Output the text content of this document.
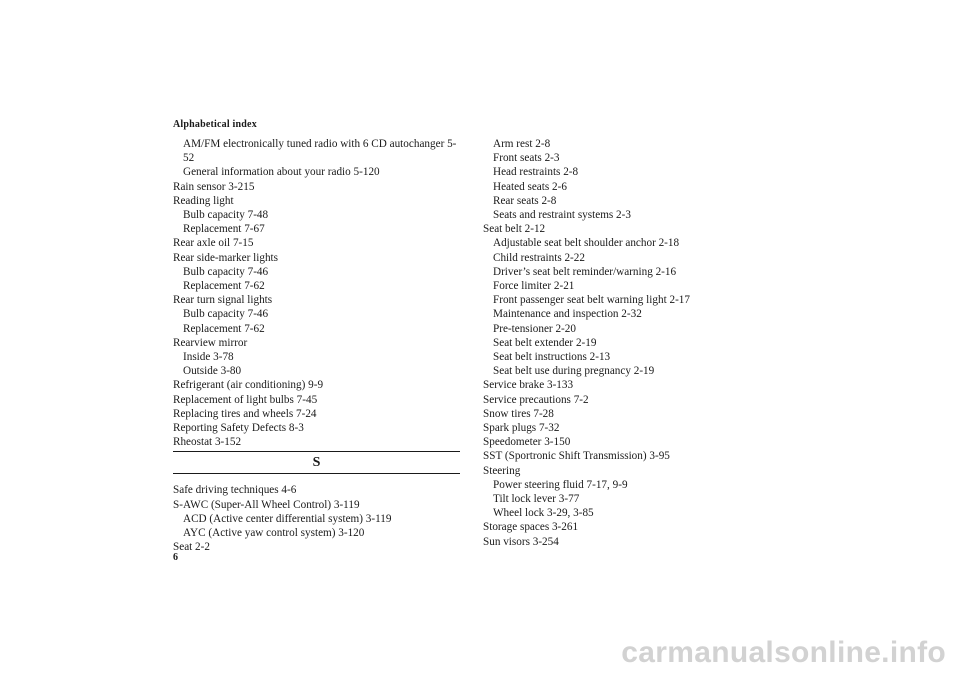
Alphabetical index
AM/FM electronically tuned radio with 6 CD autochanger 5-52
General information about your radio 5-120
Rain sensor 3-215
Reading light
Bulb capacity 7-48
Replacement 7-67
Rear axle oil 7-15
Rear side-marker lights
Bulb capacity 7-46
Replacement 7-62
Rear turn signal lights
Bulb capacity 7-46
Replacement 7-62
Rearview mirror
Inside 3-78
Outside 3-80
Refrigerant (air conditioning) 9-9
Replacement of light bulbs 7-45
Replacing tires and wheels 7-24
Reporting Safety Defects 8-3
Rheostat 3-152
S
Safe driving techniques 4-6
S-AWC (Super-All Wheel Control) 3-119
ACD (Active center differential system) 3-119
AYC (Active yaw control system) 3-120
Seat 2-2
Arm rest 2-8
Front seats 2-3
Head restraints 2-8
Heated seats 2-6
Rear seats 2-8
Seats and restraint systems 2-3
Seat belt 2-12
Adjustable seat belt shoulder anchor 2-18
Child restraints 2-22
Driver’s seat belt reminder/warning 2-16
Force limiter 2-21
Front passenger seat belt warning light 2-17
Maintenance and inspection 2-32
Pre-tensioner 2-20
Seat belt extender 2-19
Seat belt instructions 2-13
Seat belt use during pregnancy 2-19
Service brake 3-133
Service precautions 7-2
Snow tires 7-28
Spark plugs 7-32
Speedometer 3-150
SST (Sportronic Shift Transmission) 3-95
Steering
Power steering fluid 7-17, 9-9
Tilt lock lever 3-77
Wheel lock 3-29, 3-85
Storage spaces 3-261
Sun visors 3-254
6
carmanualsonline.info
